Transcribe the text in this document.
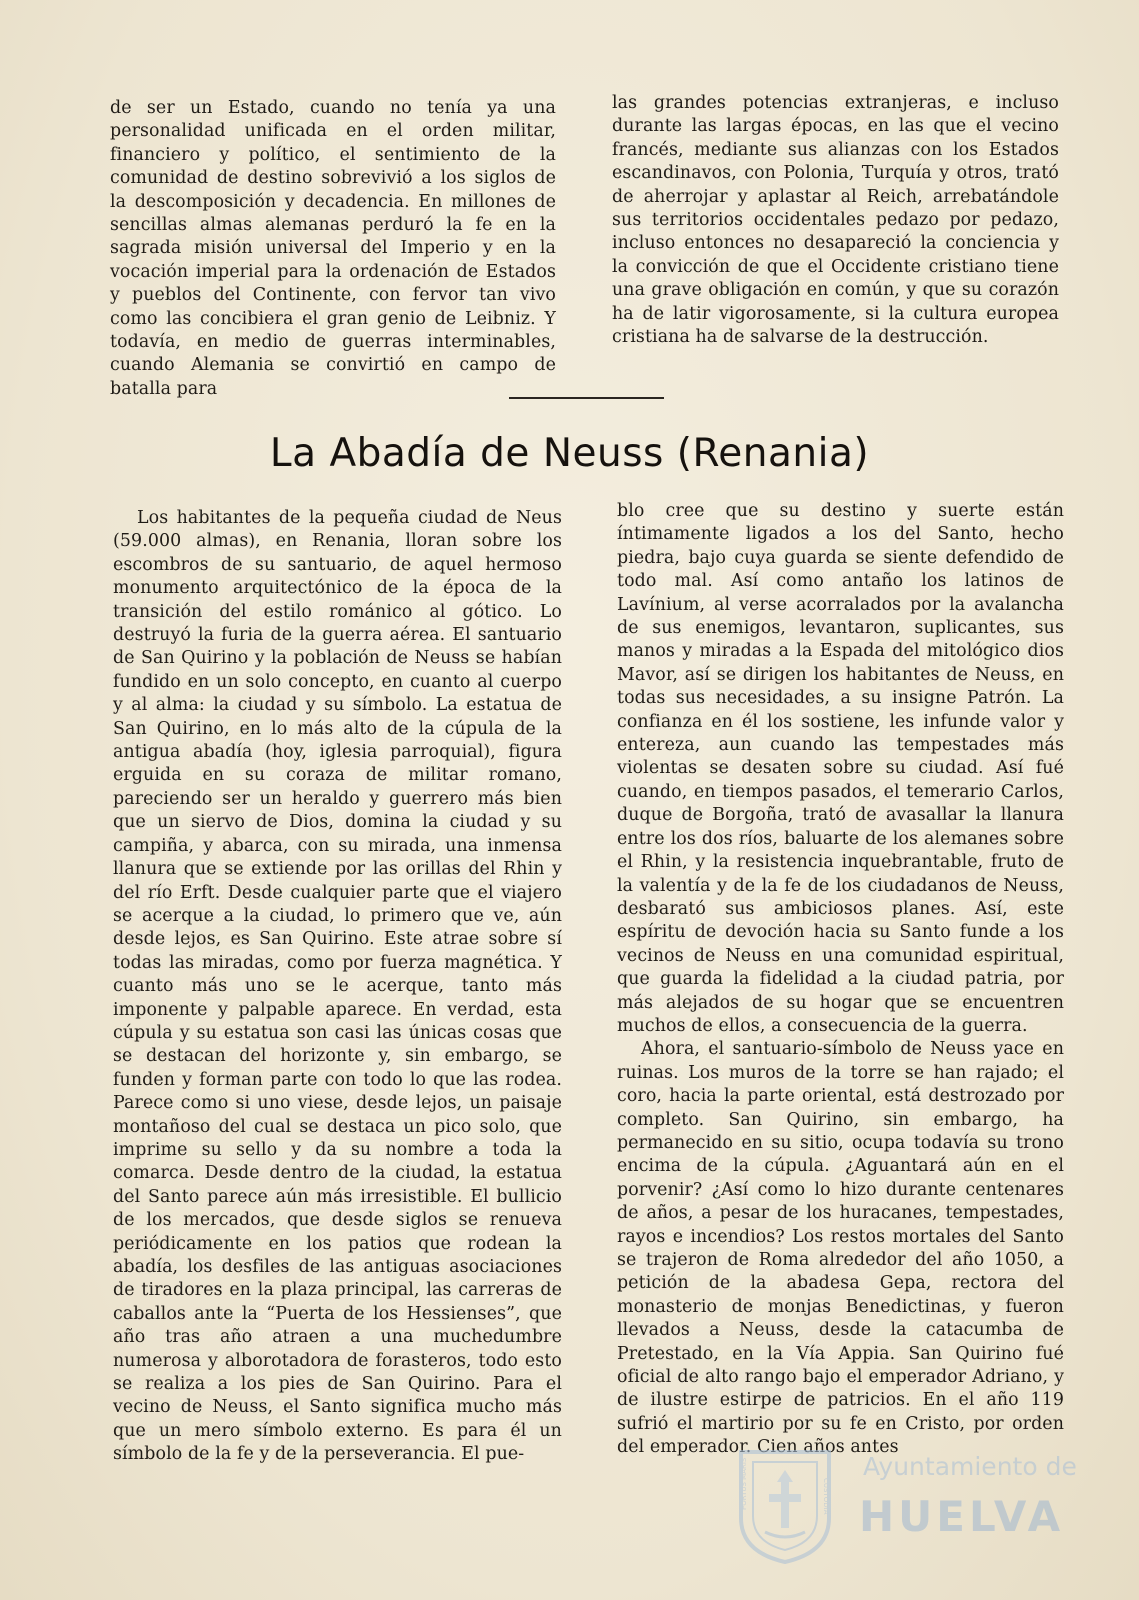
de ser un Estado, cuando no tenía ya una personalidad unificada en el orden militar, financiero y político, el sentimiento de la comunidad de destino sobrevivió a los siglos de la descomposición y decadencia. En millones de sencillas almas alemanas perduró la fe en la sagrada misión universal del Imperio y en la vocación imperial para la ordenación de Estados y pueblos del Continente, con fervor tan vivo como las concibiera el gran genio de Leibniz. Y todavía, en medio de guerras interminables, cuando Alemania se convirtió en campo de batalla para

las grandes potencias extranjeras, e incluso durante las largas épocas, en las que el vecino francés, mediante sus alianzas con los Estados escandinavos, con Polonia, Turquía y otros, trató de aherrojar y aplastar al Reich, arrebatándole sus territorios occidentales pedazo por pedazo, incluso entonces no desapareció la conciencia y la convicción de que el Occidente cristiano tiene una grave obligación en común, y que su corazón ha de latir vigorosamente, si la cultura europea cristiana ha de salvarse de la destrucción.

La Abadía de Neuss (Renania)

Los habitantes de la pequeña ciudad de Neus (59.000 almas), en Renania, lloran sobre los escombros de su santuario, de aquel hermoso monumento arquitectónico de la época de la transición del estilo románico al gótico. Lo destruyó la furia de la guerra aérea. El santuario de San Quirino y la población de Neuss se habían fundido en un solo concepto, en cuanto al cuerpo y al alma: la ciudad y su símbolo. La estatua de San Quirino, en lo más alto de la cúpula de la antigua abadía (hoy, iglesia parroquial), figura erguida en su coraza de militar romano, pareciendo ser un heraldo y guerrero más bien que un siervo de Dios, domina la ciudad y su campiña, y abarca, con su mirada, una inmensa llanura que se extiende por las orillas del Rhin y del río Erft. Desde cualquier parte que el viajero se acerque a la ciudad, lo primero que ve, aún desde lejos, es San Quirino. Este atrae sobre sí todas las miradas, como por fuerza magnética. Y cuanto más uno se le acerque, tanto más imponente y palpable aparece. En verdad, esta cúpula y su estatua son casi las únicas cosas que se destacan del horizonte y, sin embargo, se funden y forman parte con todo lo que las rodea. Parece como si uno viese, desde lejos, un paisaje montañoso del cual se destaca un pico solo, que imprime su sello y da su nombre a toda la comarca. Desde dentro de la ciudad, la estatua del Santo parece aún más irresistible. El bullicio de los mercados, que desde siglos se renueva periódicamente en los patios que rodean la abadía, los desfiles de las antiguas asociaciones de tiradores en la plaza principal, las carreras de caballos ante la “Puerta de los Hessienses”, que año tras año atraen a una muchedumbre numerosa y alborotadora de forasteros, todo esto se realiza a los pies de San Quirino. Para el vecino de Neuss, el Santo significa mucho más que un mero símbolo externo. Es para él un símbolo de la fe y de la perseverancia. El pue-

blo cree que su destino y suerte están íntimamente ligados a los del Santo, hecho piedra, bajo cuya guarda se siente defendido de todo mal. Así como antaño los latinos de Lavínium, al verse acorralados por la avalancha de sus enemigos, levantaron, suplicantes, sus manos y miradas a la Espada del mitológico dios Mavor, así se dirigen los habitantes de Neuss, en todas sus necesidades, a su insigne Patrón. La confianza en él los sostiene, les infunde valor y entereza, aun cuando las tempestades más violentas se desaten sobre su ciudad. Así fué cuando, en tiempos pasados, el temerario Carlos, duque de Borgoña, trató de avasallar la llanura entre los dos ríos, baluarte de los alemanes sobre el Rhin, y la resistencia inquebrantable, fruto de la valentía y de la fe de los ciudadanos de Neuss, desbarató sus ambiciosos planes. Así, este espíritu de devoción hacia su Santo funde a los vecinos de Neuss en una comunidad espiritual, que guarda la fidelidad a la ciudad patria, por más alejados de su hogar que se encuentren muchos de ellos, a consecuencia de la guerra.

Ahora, el santuario-símbolo de Neuss yace en ruinas. Los muros de la torre se han rajado; el coro, hacia la parte oriental, está destrozado por completo. San Quirino, sin embargo, ha permanecido en su sitio, ocupa todavía su trono encima de la cúpula. ¿Aguantará aún en el porvenir? ¿Así como lo hizo durante centenares de años, a pesar de los huracanes, tempestades, rayos e incendios? Los restos mortales del Santo se trajeron de Roma alrededor del año 1050, a petición de la abadesa Gepa, rectora del monasterio de monjas Benedictinas, y fueron llevados a Neuss, desde la catacumba de Pretestado, en la Vía Appia. San Quirino fué oficial de alto rango bajo el emperador Adriano, y de ilustre estirpe de patricios. En el año 119 sufrió el martirio por su fe en Cristo, por orden del emperador. Cien años antes

PORTUS MARIS	CUSTODIA
Ayuntamiento de
HUELVA
